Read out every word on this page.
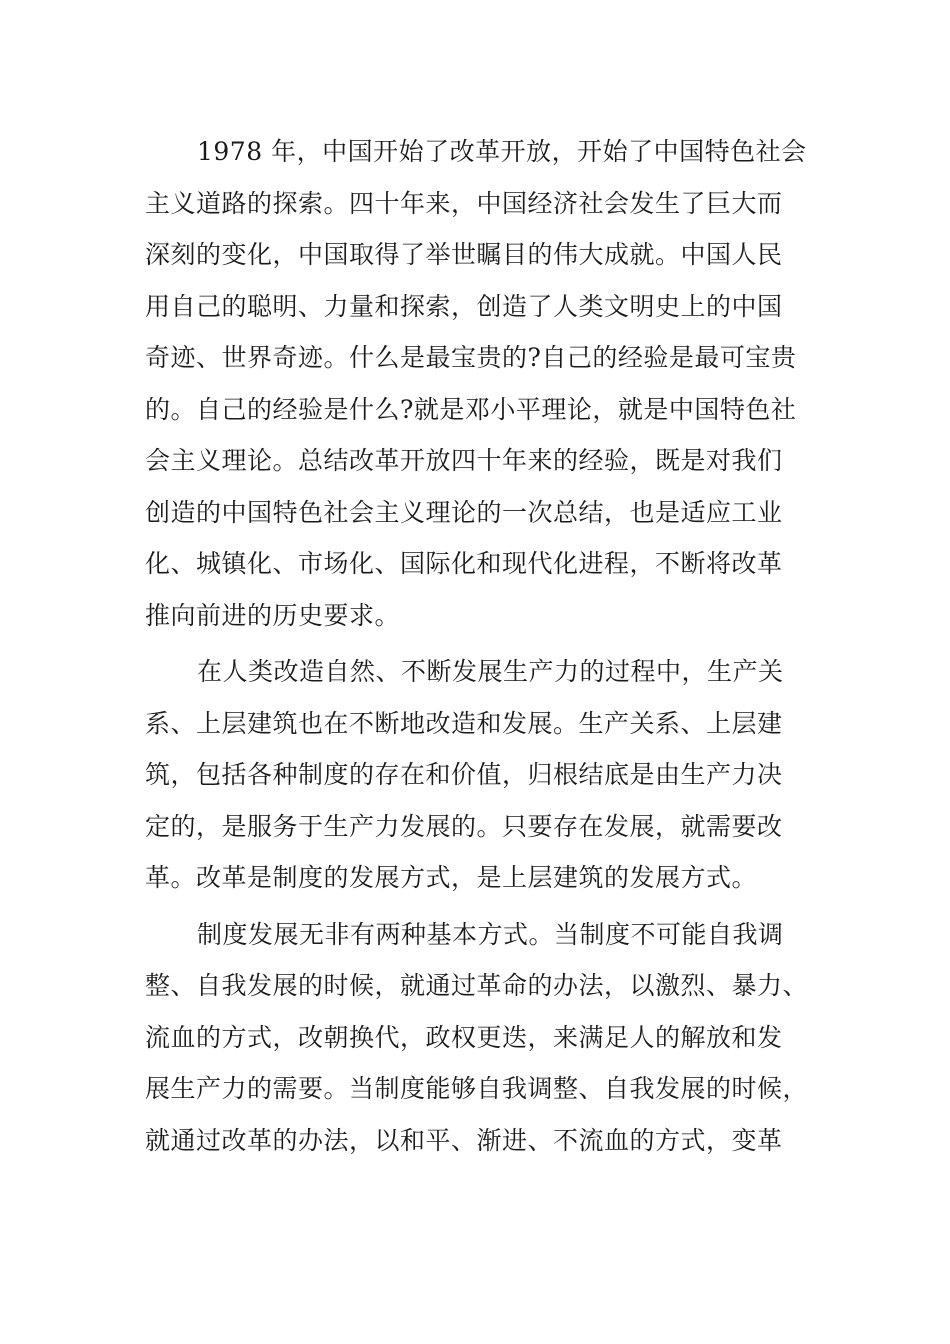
1978 年，中国开始了改革开放，开始了中国特色社会
主义道路的探索。四十年来，中国经济社会发生了巨大而
深刻的变化，中国取得了举世瞩目的伟大成就。中国人民
用自己的聪明、力量和探索，创造了人类文明史上的中国
奇迹、世界奇迹。什么是最宝贵的?自己的经验是最可宝贵
的。自己的经验是什么?就是邓小平理论，就是中国特色社
会主义理论。总结改革开放四十年来的经验，既是对我们
创造的中国特色社会主义理论的一次总结，也是适应工业
化、城镇化、市场化、国际化和现代化进程，不断将改革
推向前进的历史要求。
在人类改造自然、不断发展生产力的过程中，生产关
系、上层建筑也在不断地改造和发展。生产关系、上层建
筑，包括各种制度的存在和价值，归根结底是由生产力决
定的，是服务于生产力发展的。只要存在发展，就需要改
革。改革是制度的发展方式，是上层建筑的发展方式。
制度发展无非有两种基本方式。当制度不可能自我调
整、自我发展的时候，就通过革命的办法，以激烈、暴力、
流血的方式，改朝换代，政权更迭，来满足人的解放和发
展生产力的需要。当制度能够自我调整、自我发展的时候，
就通过改革的办法，以和平、渐进、不流血的方式，变革
